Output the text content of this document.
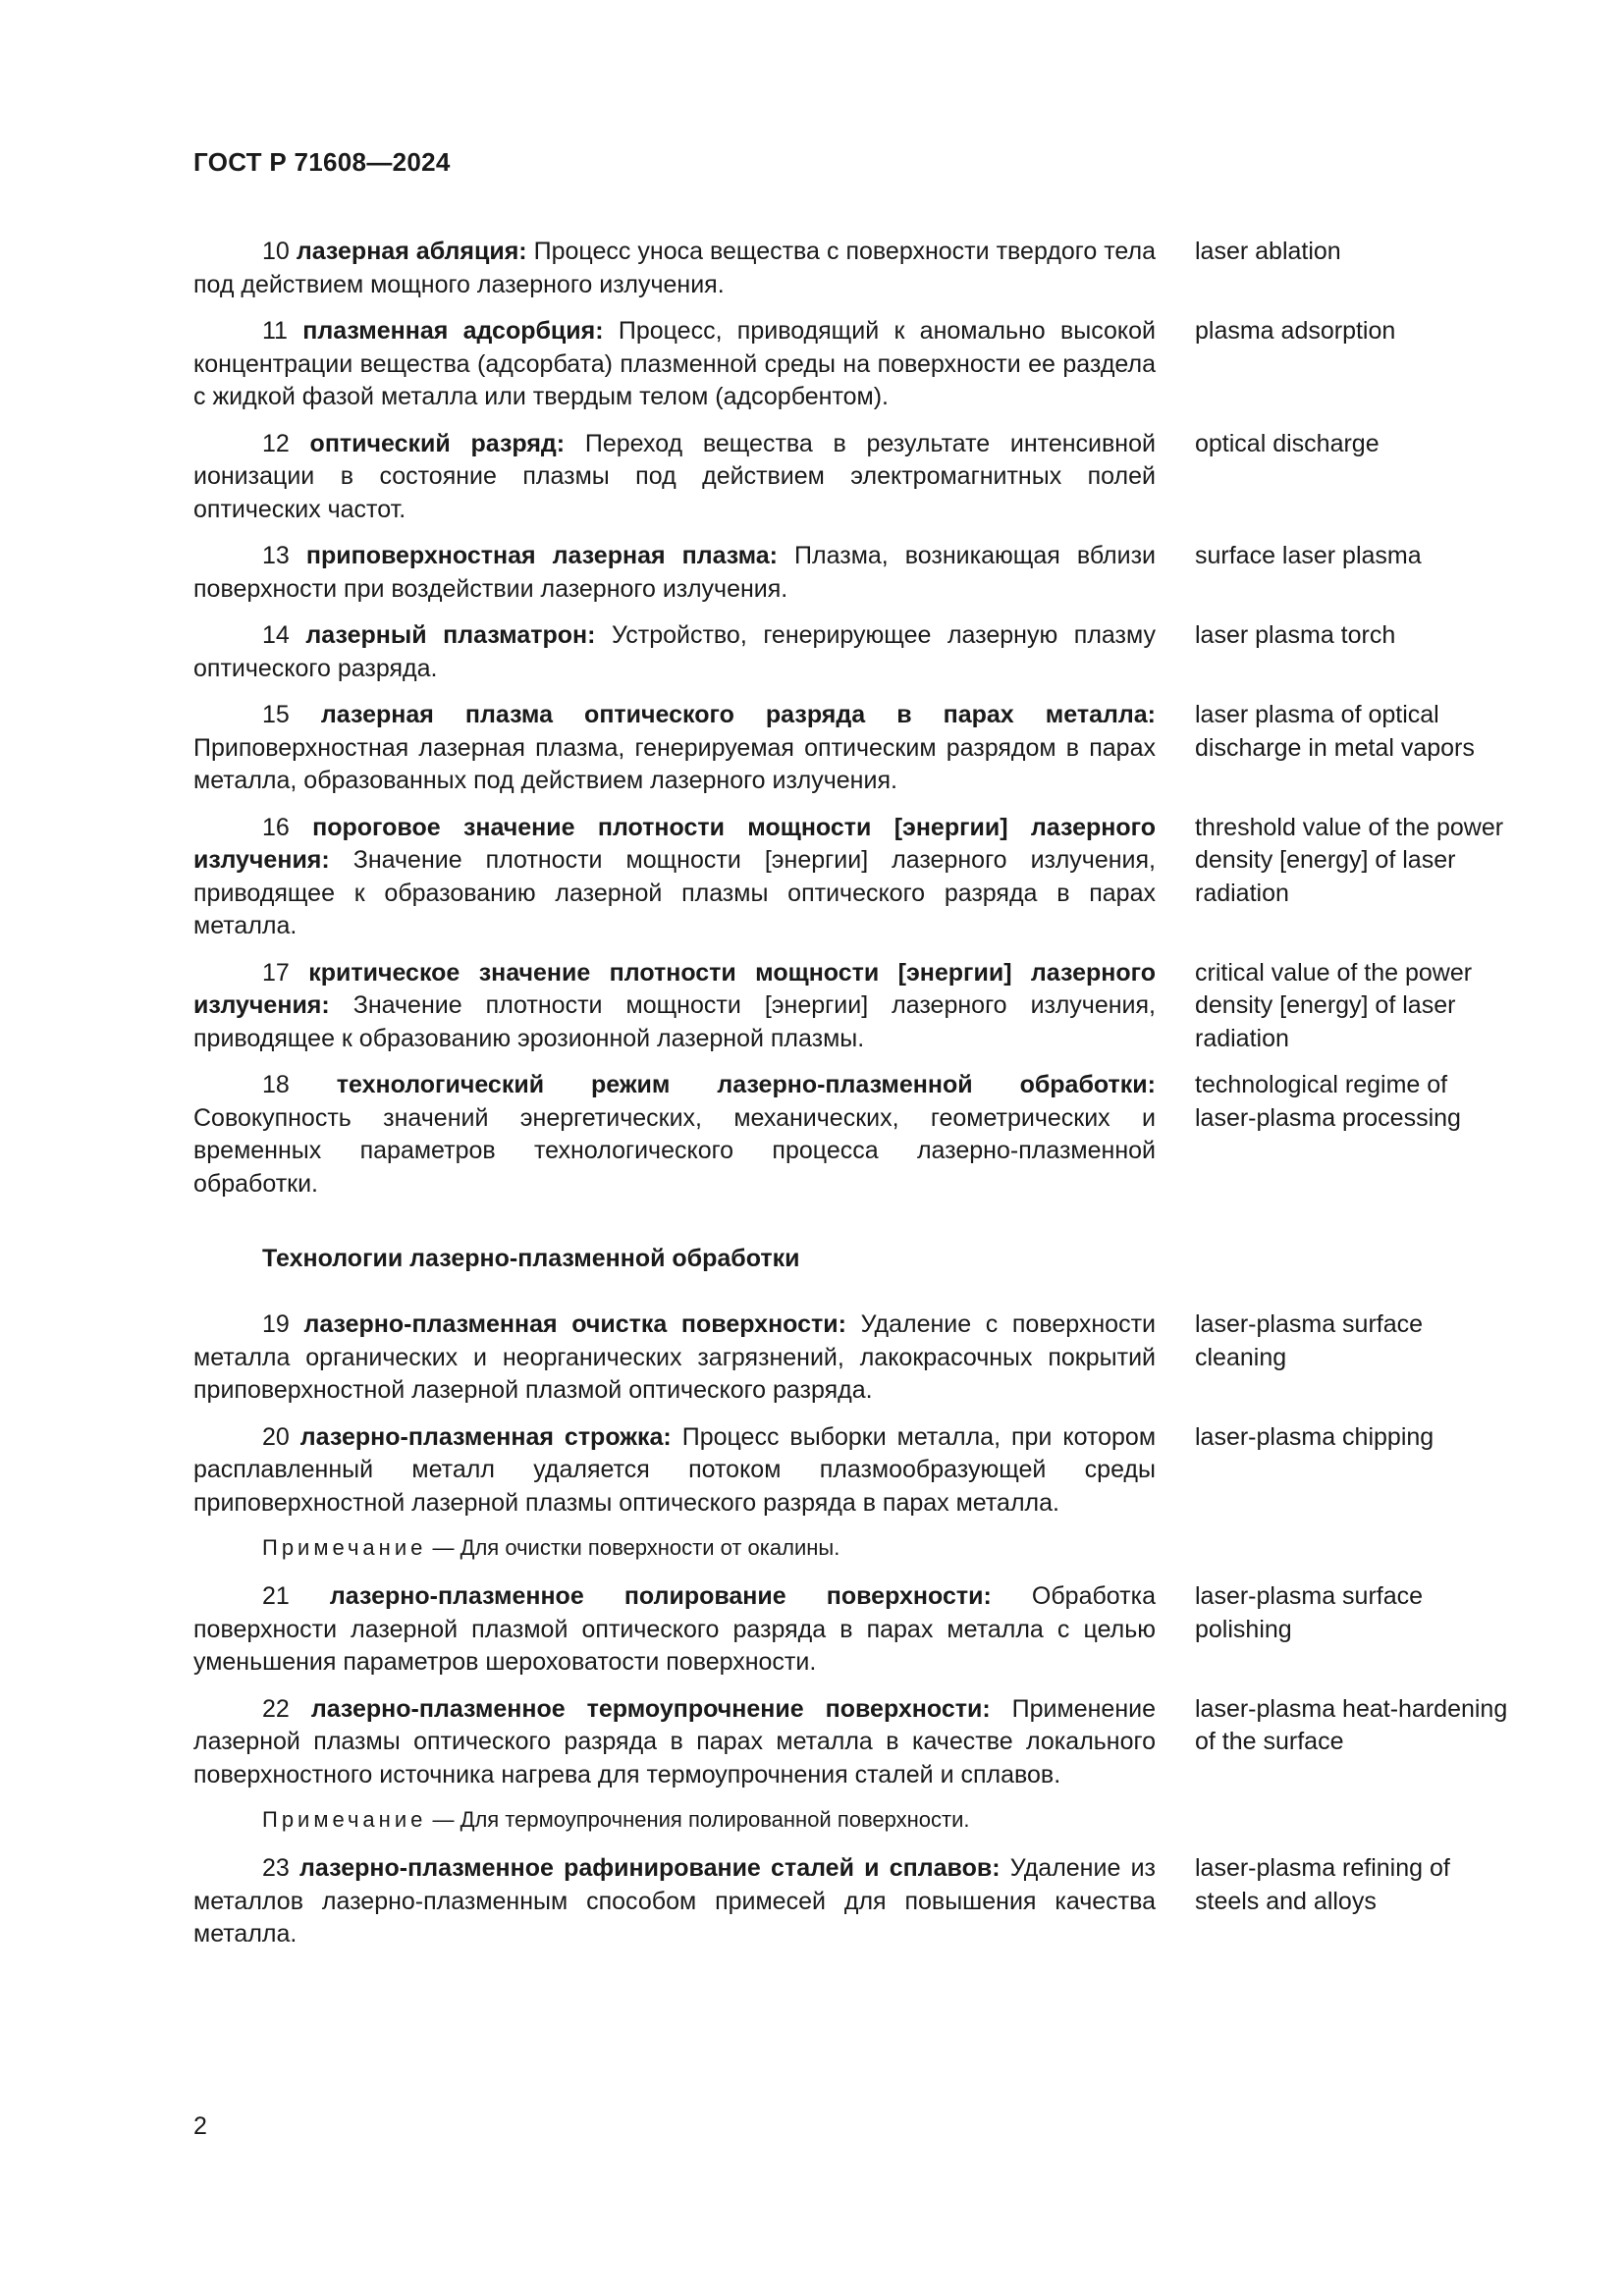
ГОСТ Р 71608—2024
10 лазерная абляция: Процесс уноса вещества с поверхности твердого тела под действием мощного лазерного излучения.
laser ablation
11 плазменная адсорбция: Процесс, приводящий к аномально высокой концентрации вещества (адсорбата) плазменной среды на поверхности ее раздела с жидкой фазой металла или твердым телом (адсорбентом).
plasma adsorption
12 оптический разряд: Переход вещества в результате интенсивной ионизации в состояние плазмы под действием электромагнитных полей оптических частот.
optical discharge
13 приповерхностная лазерная плазма: Плазма, возникающая вблизи поверхности при воздействии лазерного излучения.
surface laser plasma
14 лазерный плазматрон: Устройство, генерирующее лазерную плазму оптического разряда.
laser plasma torch
15 лазерная плазма оптического разряда в парах металла: Приповерхностная лазерная плазма, генерируемая оптическим разрядом в парах металла, образованных под действием лазерного излучения.
laser plasma of optical discharge in metal vapors
16 пороговое значение плотности мощности [энергии] лазерного излучения: Значение плотности мощности [энергии] лазерного излучения, приводящее к образованию лазерной плазмы оптического разряда в парах металла.
threshold value of the power density [energy] of laser radiation
17 критическое значение плотности мощности [энергии] лазерного излучения: Значение плотности мощности [энергии] лазерного излучения, приводящее к образованию эрозионной лазерной плазмы.
critical value of the power density [energy] of laser radiation
18 технологический режим лазерно-плазменной обработки: Совокупность значений энергетических, механических, геометрических и временных параметров технологического процесса лазерно-плазменной обработки.
technological regime of laser-plasma processing
Технологии лазерно-плазменной обработки
19 лазерно-плазменная очистка поверхности: Удаление с поверхности металла органических и неорганических загрязнений, лакокрасочных покрытий приповерхностной лазерной плазмой оптического разряда.
laser-plasma surface cleaning
20 лазерно-плазменная строжка: Процесс выборки металла, при котором расплавленный металл удаляется потоком плазмообразующей среды приповерхностной лазерной плазмы оптического разряда в парах металла.
laser-plasma chipping
Примечание — Для очистки поверхности от окалины.
21 лазерно-плазменное полирование поверхности: Обработка поверхности лазерной плазмой оптического разряда в парах металла с целью уменьшения параметров шероховатости поверхности.
laser-plasma surface polishing
22 лазерно-плазменное термоупрочнение поверхности: Применение лазерной плазмы оптического разряда в парах металла в качестве локального поверхностного источника нагрева для термоупрочнения сталей и сплавов.
laser-plasma heat-hardening of the surface
Примечание — Для термоупрочнения полированной поверхности.
23 лазерно-плазменное рафинирование сталей и сплавов: Удаление из металлов лазерно-плазменным способом примесей для повышения качества металла.
laser-plasma refining of steels and alloys
2
